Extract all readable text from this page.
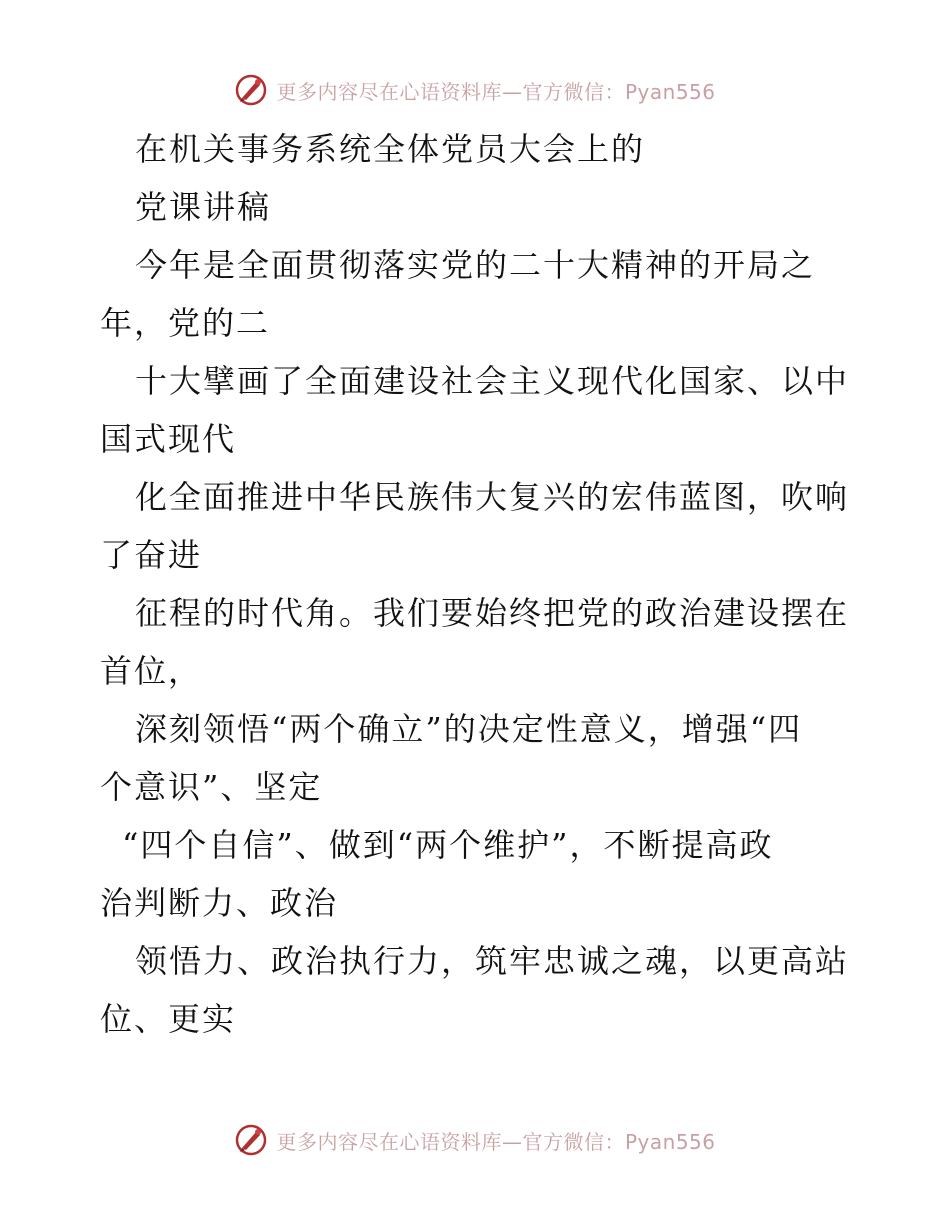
更多内容尽在心语资料库—官方微信：Pyan556
在机关事务系统全体党员大会上的
党课讲稿
今年是全面贯彻落实党的二十大精神的开局之
年，党的二
十大擘画了全面建设社会主义现代化国家、以中
国式现代
化全面推进中华民族伟大复兴的宏伟蓝图，吹响
了奋进
征程的时代角。我们要始终把党的政治建设摆在
首位，
深刻领悟“两个确立”的决定性意义，增强“四
个意识”、坚定
“四个自信”、做到“两个维护”，不断提高政
治判断力、政治
领悟力、政治执行力，筑牢忠诚之魂，以更高站
位、更实
更多内容尽在心语资料库—官方微信：Pyan556
